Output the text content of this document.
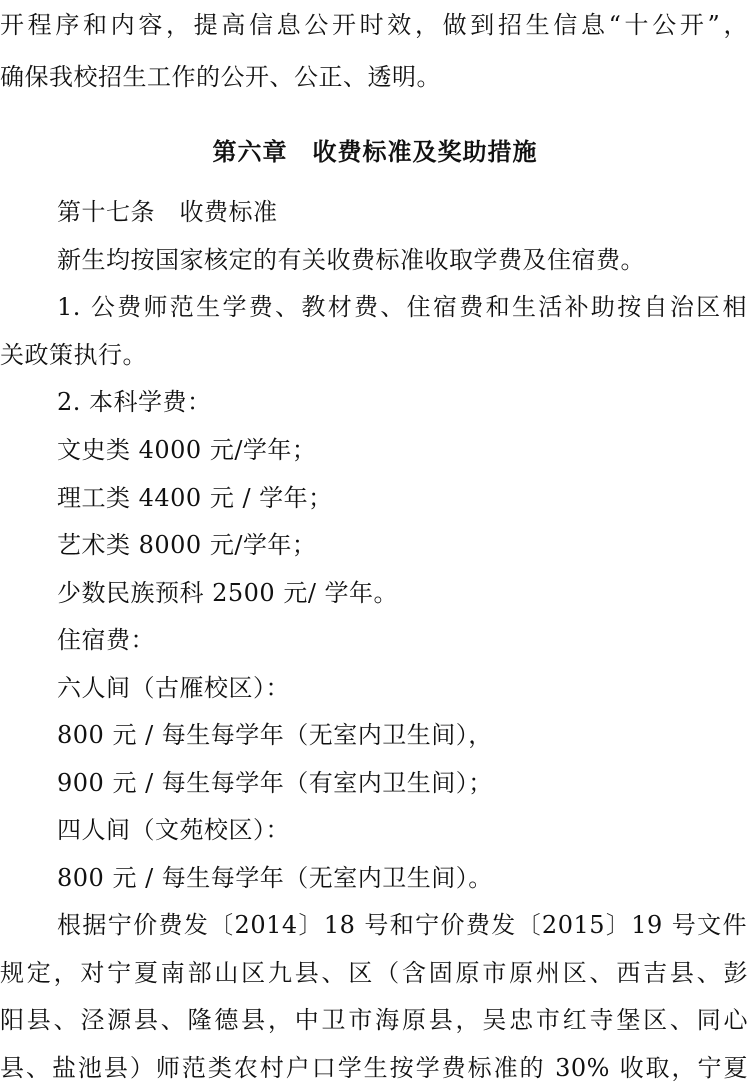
开程序和内容，提高信息公开时效，做到招生信息“十公开”，
确保我校招生工作的公开、公正、透明。
第六章　收费标准及奖助措施
第十七条　收费标准
新生均按国家核定的有关收费标准收取学费及住宿费。
1. 公费师范生学费、教材费、住宿费和生活补助按自治区相
关政策执行。
2. 本科学费：
文史类 4000 元/学年；
理工类 4400 元 / 学年；
艺术类 8000 元/学年；
少数民族预科 2500 元/ 学年。
住宿费：
六人间（古雁校区）：
800 元 / 每生每学年（无室内卫生间），
900 元 / 每生每学年（有室内卫生间）；
四人间（文苑校区）：
800 元 / 每生每学年（无室内卫生间）。
根据宁价费发〔2014〕18 号和宁价费发〔2015〕19 号文件
规定，对宁夏南部山区九县、区（含固原市原州区、西吉县、彭
阳县、泾源县、隆德县，中卫市海原县，吴忠市红寺堡区、同心
县、盐池县）师范类农村户口学生按学费标准的 30% 收取，宁夏
